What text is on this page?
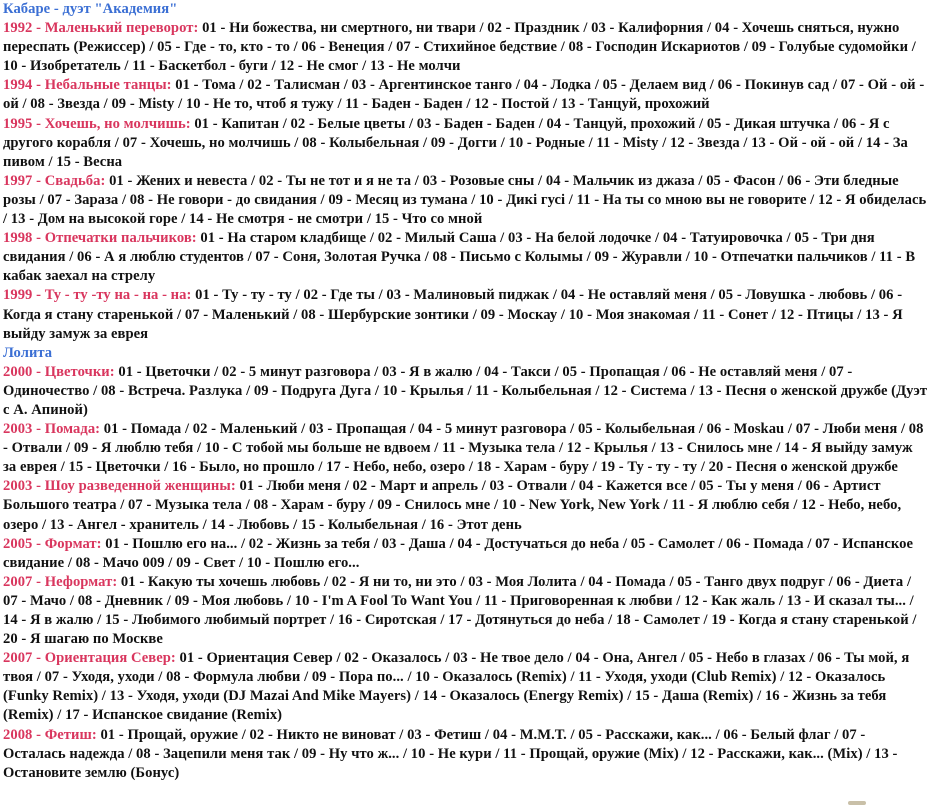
Кабаре - дуэт "Академия"
1992 - Маленький переворот: 01 - Ни божества, ни смертного, ни твари / 02 - Праздник / 03 - Калифорния / 04 - Хочешь сняться, нужно переспать (Режиссер) / 05 - Где - то, кто - то / 06 - Венеция / 07 - Стихийное бедствие / 08 - Господин Искариотов / 09 - Голубые судомойки / 10 - Изобретатель / 11 - Баскетбол - буги / 12 - Не смог / 13 - Не молчи
1994 - Небальные танцы: 01 - Тома / 02 - Талисман / 03 - Аргентинское танго / 04 - Лодка / 05 - Делаем вид / 06 - Покинув сад / 07 - Ой - ой - ой / 08 - Звезда / 09 - Misty / 10 - Не то, чтоб я тужу / 11 - Баден - Баден / 12 - Постой / 13 - Танцуй, прохожий
1995 - Хочешь, но молчишь: 01 - Капитан / 02 - Белые цветы / 03 - Баден - Баден / 04 - Танцуй, прохожий / 05 - Дикая штучка / 06 - Я с другого корабля / 07 - Хочешь, но молчишь / 08 - Колыбельная / 09 - Догги / 10 - Родные / 11 - Misty / 12 - Звезда / 13 - Ой - ой - ой / 14 - За пивом / 15 - Весна
1997 - Свадьба: 01 - Жених и невеста / 02 - Ты не тот и я не та / 03 - Розовые сны / 04 - Мальчик из джаза / 05 - Фасон / 06 - Эти бледные розы / 07 - Зараза / 08 - Не говори - до свидания / 09 - Месяц из тумана / 10 - Дикі гусі / 11 - На ты со мною вы не говорите / 12 - Я обиделась / 13 - Дом на высокой горе / 14 - Не смотря - не смотри / 15 - Что со мной
1998 - Отпечатки пальчиков: 01 - На старом кладбище / 02 - Милый Саша / 03 - На белой лодочке / 04 - Татуировочка / 05 - Три дня свидания / 06 - А я люблю студентов / 07 - Соня, Золотая Ручка / 08 - Письмо с Колымы / 09 - Журавли / 10 - Отпечатки пальчиков / 11 - В кабак заехал на стрелу
1999 - Ту - ту -ту на - на - на: 01 - Ту - ту - ту / 02 - Где ты / 03 - Малиновый пиджак / 04 - Не оставляй меня / 05 - Ловушка - любовь / 06 - Когда я стану старенькой / 07 - Маленький / 08 - Шербурские зонтики / 09 - Москау / 10 - Моя знакомая / 11 - Сонет / 12 - Птицы / 13 - Я выйду замуж за еврея
Лолита
2000 - Цветочки: 01 - Цветочки / 02 - 5 минут разговора / 03 - Я в жалю / 04 - Такси / 05 - Пропащая / 06 - Не оставляй меня / 07 - Одиночество / 08 - Встреча. Разлука / 09 - Подруга Дуга / 10 - Крылья / 11 - Колыбельная / 12 - Система / 13 - Песня о женской дружбе (Дуэт с А. Апиной)
2003 - Помада: 01 - Помада / 02 - Маленький / 03 - Пропащая / 04 - 5 минут разговора / 05 - Колыбельная / 06 - Moskau / 07 - Люби меня / 08 - Отвали / 09 - Я люблю тебя / 10 - С тобой мы больше не вдвоем / 11 - Музыка тела / 12 - Крылья / 13 - Снилось мне / 14 - Я выйду замуж за еврея / 15 - Цветочки / 16 - Было, но прошло / 17 - Небо, небо, озеро / 18 - Харам - буру / 19 - Ту - ту - ту / 20 - Песня о женской дружбе
2003 - Шоу разведенной женщины: 01 - Люби меня / 02 - Март и апрель / 03 - Отвали / 04 - Кажется все / 05 - Ты у меня / 06 - Артист Большого театра / 07 - Музыка тела / 08 - Харам - буру / 09 - Снилось мне / 10 - New York, New York / 11 - Я люблю себя / 12 - Небо, небо, озеро / 13 - Ангел - хранитель / 14 - Любовь / 15 - Колыбельная / 16 - Этот день
2005 - Формат: 01 - Пошлю его на... / 02 - Жизнь за тебя / 03 - Даша / 04 - Достучаться до неба / 05 - Самолет / 06 - Помада / 07 - Испанское свидание / 08 - Мачо 009 / 09 - Свет / 10 - Пошлю его...
2007 - Неформат: 01 - Какую ты хочешь любовь / 02 - Я ни то, ни это / 03 - Моя Лолита / 04 - Помада / 05 - Танго двух подруг / 06 - Диета / 07 - Мачо / 08 - Дневник / 09 - Моя любовь / 10 - I'm A Fool To Want You / 11 - Приговоренная к любви / 12 - Как жаль / 13 - И сказал ты... / 14 - Я в жалю / 15 - Любимого любимый портрет / 16 - Сиротская / 17 - Дотянуться до неба / 18 - Самолет / 19 - Когда я стану старенькой / 20 - Я шагаю по Москве
2007 - Ориентация Север: 01 - Ориентация Север / 02 - Оказалось / 03 - Не твое дело / 04 - Она, Ангел / 05 - Небо в глазах / 06 - Ты мой, я твоя / 07 - Уходя, уходи / 08 - Формула любви / 09 - Пора по... / 10 - Оказалось (Remix) / 11 - Уходя, уходи (Club Remix) / 12 - Оказалось (Funky Remix) / 13 - Уходя, уходи (DJ Mazai And Mike Mayers) / 14 - Оказалось (Energy Remix) / 15 - Даша (Remix) / 16 - Жизнь за тебя (Remix) / 17 - Испанское свидание (Remix)
2008 - Фетиш: 01 - Прощай, оружие / 02 - Никто не виноват / 03 - Фетиш / 04 - М.М.Т. / 05 - Расскажи, как... / 06 - Белый флаг / 07 - Осталась надежда / 08 - Зацепили меня так / 09 - Ну что ж... / 10 - Не кури / 11 - Прощай, оружие (Mix) / 12 - Расскажи, как... (Mix) / 13 - Остановите землю (Бонус)
